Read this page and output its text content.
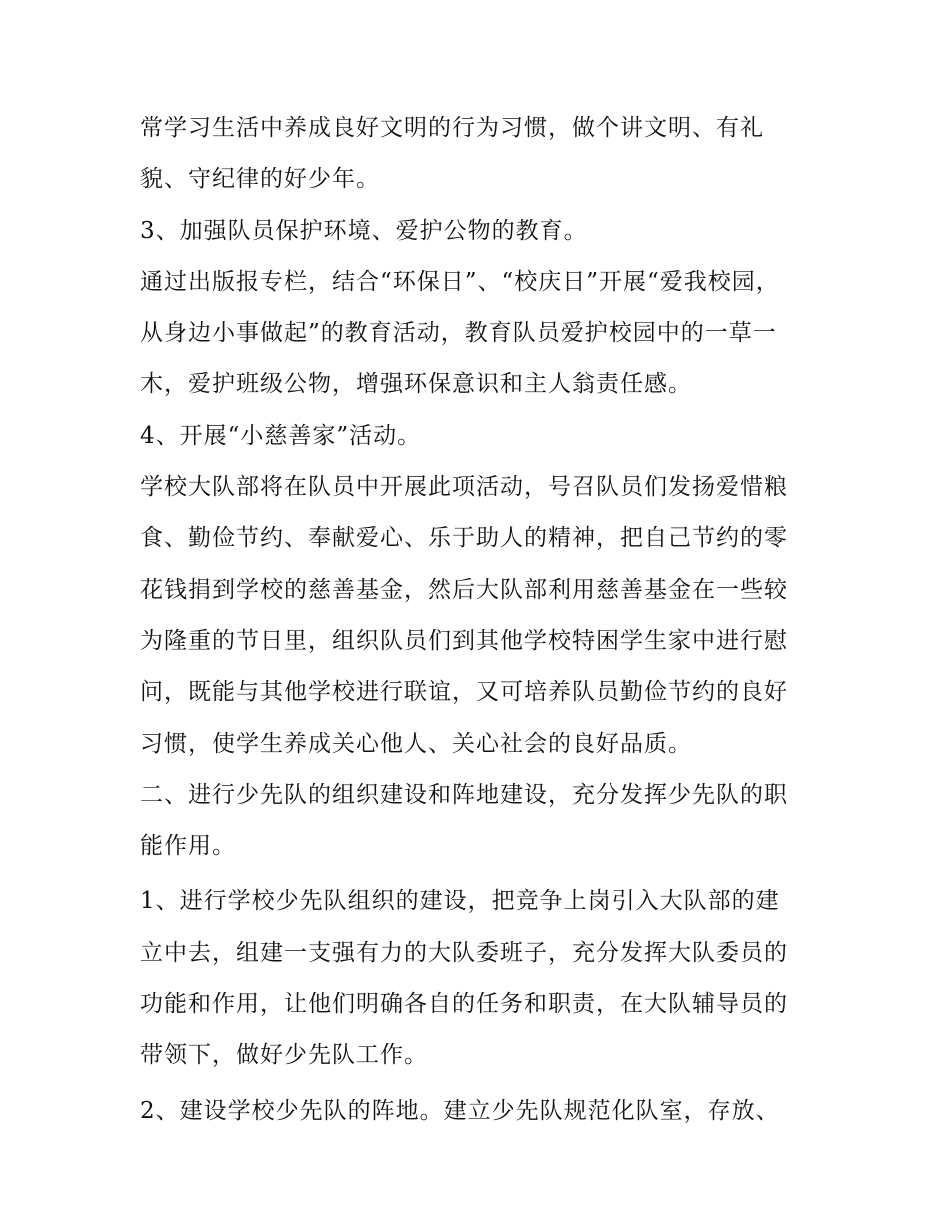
常学习生活中养成良好文明的行为习惯，做个讲文明、有礼
貌、守纪律的好少年。
3、加强队员保护环境、爱护公物的教育。
通过出版报专栏，结合“环保日”、“校庆日”开展“爱我校园，
从身边小事做起”的教育活动，教育队员爱护校园中的一草一
木，爱护班级公物，增强环保意识和主人翁责任感。
4、开展“小慈善家”活动。
学校大队部将在队员中开展此项活动，号召队员们发扬爱惜粮
食、勤俭节约、奉献爱心、乐于助人的精神，把自己节约的零
花钱捐到学校的慈善基金，然后大队部利用慈善基金在一些较
为隆重的节日里，组织队员们到其他学校特困学生家中进行慰
问，既能与其他学校进行联谊，又可培养队员勤俭节约的良好
习惯，使学生养成关心他人、关心社会的良好品质。
二、进行少先队的组织建设和阵地建设，充分发挥少先队的职
能作用。
1、进行学校少先队组织的建设，把竞争上岗引入大队部的建
立中去，组建一支强有力的大队委班子，充分发挥大队委员的
功能和作用，让他们明确各自的任务和职责，在大队辅导员的
带领下，做好少先队工作。
2、建设学校少先队的阵地。建立少先队规范化队室，存放、
